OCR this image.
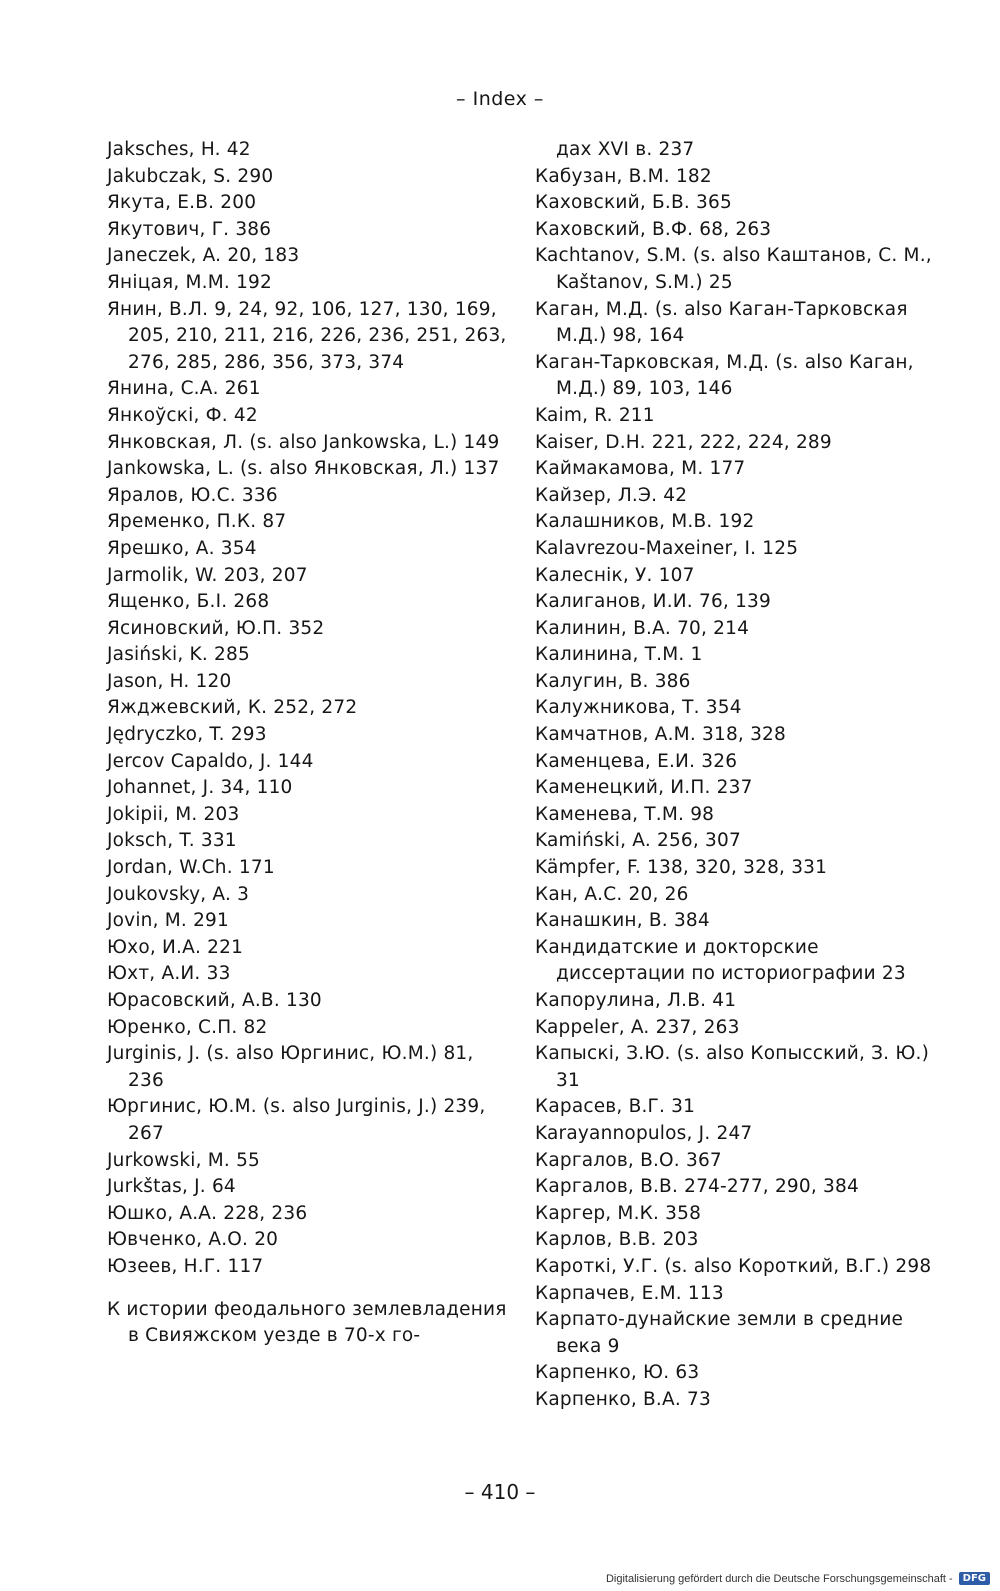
– Index –
Jaksches, H. 42
Jakubczak, S. 290
Якута, Е.В. 200
Якутович, Г. 386
Janeczek, A. 20, 183
Яніцая, М.М. 192
Янин, В.Л. 9, 24, 92, 106, 127, 130, 169, 205, 210, 211, 216, 226, 236, 251, 263, 276, 285, 286, 356, 373, 374
Янина, С.А. 261
Янкоўскі, Ф. 42
Янковская, Л. (s. also Jankowska, L.) 149
Jankowska, L. (s. also Янковская, Л.) 137
Яралов, Ю.С. 336
Яременко, П.К. 87
Ярешко, А. 354
Jarmolik, W. 203, 207
Ященко, Б.І. 268
Ясиновский, Ю.П. 352
Jasiński, K. 285
Jason, H. 120
Яжджевский, К. 252, 272
Jędryczko, T. 293
Jercov Capaldo, J. 144
Johannet, J. 34, 110
Jokipii, M. 203
Joksch, T. 331
Jordan, W.Ch. 171
Joukovsky, A. 3
Jovin, M. 291
Юхо, И.А. 221
Юхт, А.И. 33
Юрасовский, А.В. 130
Юренко, С.П. 82
Jurginis, J. (s. also Юргинис, Ю.М.) 81, 236
Юргинис, Ю.М. (s. also Jurginis, J.) 239, 267
Jurkowski, M. 55
Jurkštas, J. 64
Юшко, А.А. 228, 236
Ювченко, А.О. 20
Юзеев, Н.Г. 117
К истории феодального землевладения в Свияжском уезде в 70-х го-
дах XVI в. 237
Кабузан, В.М. 182
Каховский, Б.В. 365
Каховский, В.Ф. 68, 263
Kachtanov, S.M. (s. also Каштанов, С. М., Kaštanov, S.M.) 25
Каган, М.Д. (s. also Каган-Тарковская М.Д.) 98, 164
Каган-Тарковская, М.Д. (s. also Каган, М.Д.) 89, 103, 146
Kaim, R. 211
Kaiser, D.H. 221, 222, 224, 289
Каймакамова, М. 177
Кайзер, Л.Э. 42
Калашников, М.В. 192
Kalavrezou-Maxeiner, I. 125
Калеснік, У. 107
Калиганов, И.И. 76, 139
Калинин, В.А. 70, 214
Калинина, Т.М. 1
Калугин, В. 386
Калужникова, Т. 354
Камчатнов, А.М. 318, 328
Каменцева, Е.И. 326
Каменецкий, И.П. 237
Каменева, Т.М. 98
Kamiński, A. 256, 307
Kämpfer, F. 138, 320, 328, 331
Кан, А.С. 20, 26
Канашкин, В. 384
Кандидатские и докторские диссертации по историографии 23
Капорулина, Л.В. 41
Kappeler, A. 237, 263
Капыскі, З.Ю. (s. also Копысский, З. Ю.) 31
Карасев, В.Г. 31
Karayannopulos, J. 247
Каргалов, В.О. 367
Каргалов, В.В. 274-277, 290, 384
Каргер, М.К. 358
Карлов, В.В. 203
Кароткі, У.Г. (s. also Короткий, В.Г.) 298
Карпачев, Е.М. 113
Карпато-дунайские земли в средние века 9
Карпенко, Ю. 63
Карпенко, В.А. 73
– 410 –
Digitalisierung gefördert durch die Deutsche Forschungsgemeinschaft -	DFG
